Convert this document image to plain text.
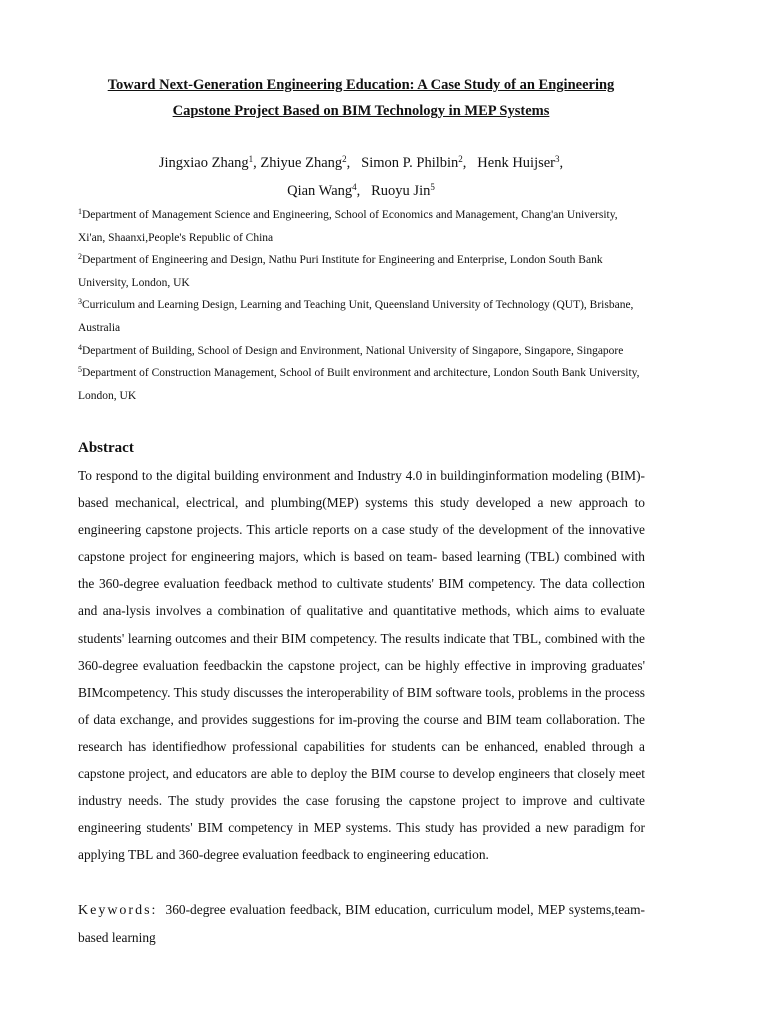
Toward Next-Generation Engineering Education: A Case Study of an Engineering

Capstone Project Based on BIM Technology in MEP Systems

Jingxiao Zhang$^1$, Zhiyue Zhang$^2$,   Simon P. Philbin$^2$,   Henk Huijser$^3$,
Qian Wang$^4$,   Ruoyu Jin$^5$

$^1$Department of Management Science and Engineering, School of Economics and Management, Chang'an University, Xi'an, Shaanxi,People's Republic of China

$^2$Department of Engineering and Design, Nathu Puri Institute for Engineering and Enterprise, London South Bank University, London, UK

$^3$Curriculum and Learning Design, Learning and Teaching Unit, Queensland University of Technology (QUT), Brisbane, Australia

$^4$Department of Building, School of Design and Environment, National University of Singapore, Singapore, Singapore

$^5$Department of Construction Management, School of Built environment and architecture, London South Bank University, London, UK

Abstract

To respond to the digital building environment and Industry 4.0 in buildinginformation modeling (BIM)-based mechanical, electrical, and plumbing(MEP) systems this study developed a new approach to engineering capstone projects. This article reports on a case study of the development of the innovative capstone project for engineering majors, which is based on team- based learning (TBL) combined with the 360-degree evaluation feedback method to cultivate students' BIM competency. The data collection and ana-lysis involves a combination of qualitative and quantitative methods, which aims to evaluate students' learning outcomes and their BIM competency. The results indicate that TBL, combined with the 360-degree evaluation feedbackin the capstone project, can be highly effective in improving graduates' BIMcompetency. This study discusses the interoperability of BIM software tools, problems in the process of data exchange, and provides suggestions for im-proving the course and BIM team collaboration. The research has identifiedhow professional capabilities for students can be enhanced, enabled through a capstone project, and educators are able to deploy the BIM course to develop engineers that closely meet industry needs. The study provides the case forusing the capstone project to improve and cultivate engineering students' BIM competency in MEP systems. This study has provided a new paradigm for applying TBL and 360-degree evaluation feedback to engineering education.

Keywords: 360-degree evaluation feedback, BIM education, curriculum model, MEP systems,team-based learning
